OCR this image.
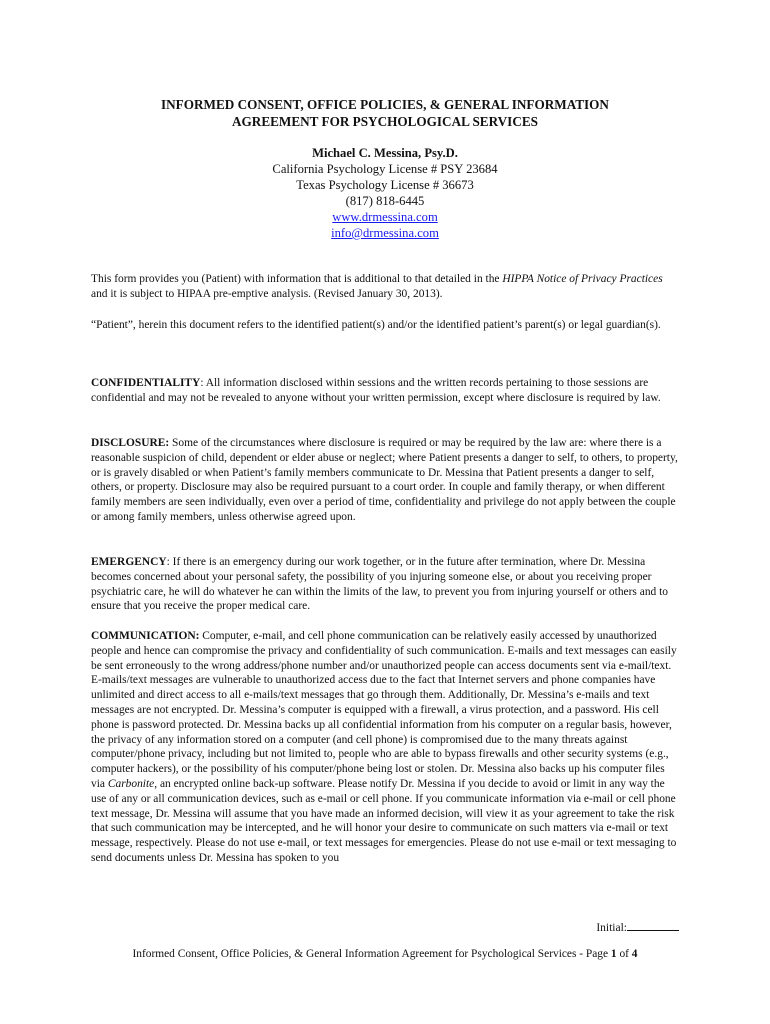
INFORMED CONSENT, OFFICE POLICIES, & GENERAL INFORMATION
AGREEMENT FOR PSYCHOLOGICAL SERVICES
Michael C. Messina, Psy.D.
California Psychology License # PSY 23684
Texas Psychology License # 36673
(817) 818-6445
www.drmessina.com
info@drmessina.com

This form provides you (Patient) with information that is additional to that detailed in the HIPPA Notice of Privacy Practices and it is subject to HIPAA pre-emptive analysis. (Revised January 30, 2013).

“Patient”, herein this document refers to the identified patient(s) and/or the identified patient’s parent(s) or legal guardian(s).

CONFIDENTIALITY: All information disclosed within sessions and the written records pertaining to those sessions are confidential and may not be revealed to anyone without your written permission, except where disclosure is required by law.

DISCLOSURE: Some of the circumstances where disclosure is required or may be required by the law are: where there is a reasonable suspicion of child, dependent or elder abuse or neglect; where Patient presents a danger to self, to others, to property, or is gravely disabled or when Patient’s family members communicate to Dr. Messina that Patient presents a danger to self, others, or property. Disclosure may also be required pursuant to a court order. In couple and family therapy, or when different family members are seen individually, even over a period of time, confidentiality and privilege do not apply between the couple or among family members, unless otherwise agreed upon.

EMERGENCY: If there is an emergency during our work together, or in the future after termination, where Dr. Messina becomes concerned about your personal safety, the possibility of you injuring someone else, or about you receiving proper psychiatric care, he will do whatever he can within the limits of the law, to prevent you from injuring yourself or others and to ensure that you receive the proper medical care.

COMMUNICATION: Computer, e-mail, and cell phone communication can be relatively easily accessed by unauthorized people and hence can compromise the privacy and confidentiality of such communication. E-mails and text messages can easily be sent erroneously to the wrong address/phone number and/or unauthorized people can access documents sent via e-mail/text. E-mails/text messages are vulnerable to unauthorized access due to the fact that Internet servers and phone companies have unlimited and direct access to all e-mails/text messages that go through them. Additionally, Dr. Messina’s e-mails and text messages are not encrypted. Dr. Messina’s computer is equipped with a firewall, a virus protection, and a password. His cell phone is password protected. Dr. Messina backs up all confidential information from his computer on a regular basis, however, the privacy of any information stored on a computer (and cell phone) is compromised due to the many threats against computer/phone privacy, including but not limited to, people who are able to bypass firewalls and other security systems (e.g., computer hackers), or the possibility of his computer/phone being lost or stolen. Dr. Messina also backs up his computer files via Carbonite, an encrypted online back-up software. Please notify Dr. Messina if you decide to avoid or limit in any way the use of any or all communication devices, such as e-mail or cell phone. If you communicate information via e-mail or cell phone text message, Dr. Messina will assume that you have made an informed decision, will view it as your agreement to take the risk that such communication may be intercepted, and he will honor your desire to communicate on such matters via e-mail or text message, respectively. Please do not use e-mail, or text messages for emergencies. Please do not use e-mail or text messaging to send documents unless Dr. Messina has spoken to you

Initial:
Informed Consent, Office Policies, & General Information Agreement for Psychological Services - Page 1 of 4
